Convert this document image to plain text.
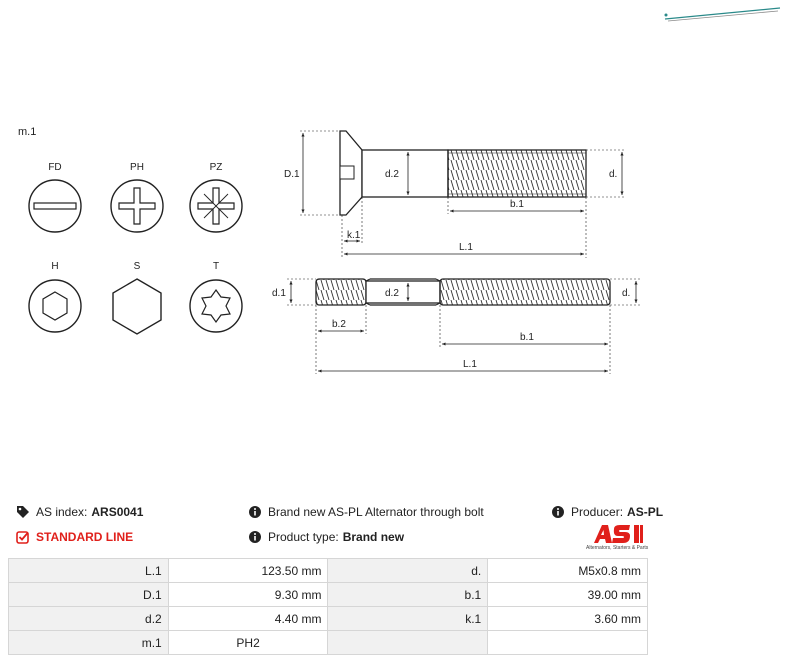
m.1
FD	PH	PZ
H	S	T
D.1	d.2	d.
b.1
k.1
L.1
d.1	d.2	d.
b.2
b.1
L.1
AS index: ARS0041
STANDARD LINE
Brand new AS-PL Alternator through bolt
Product type: Brand new
Producer: AS-PL
Alternators, Starters & Parts
L.1	123.50 mm	d.	M5x0.8 mm
D.1	9.30 mm	b.1	39.00 mm
d.2	4.40 mm	k.1	3.60 mm
m.1	PH2		
